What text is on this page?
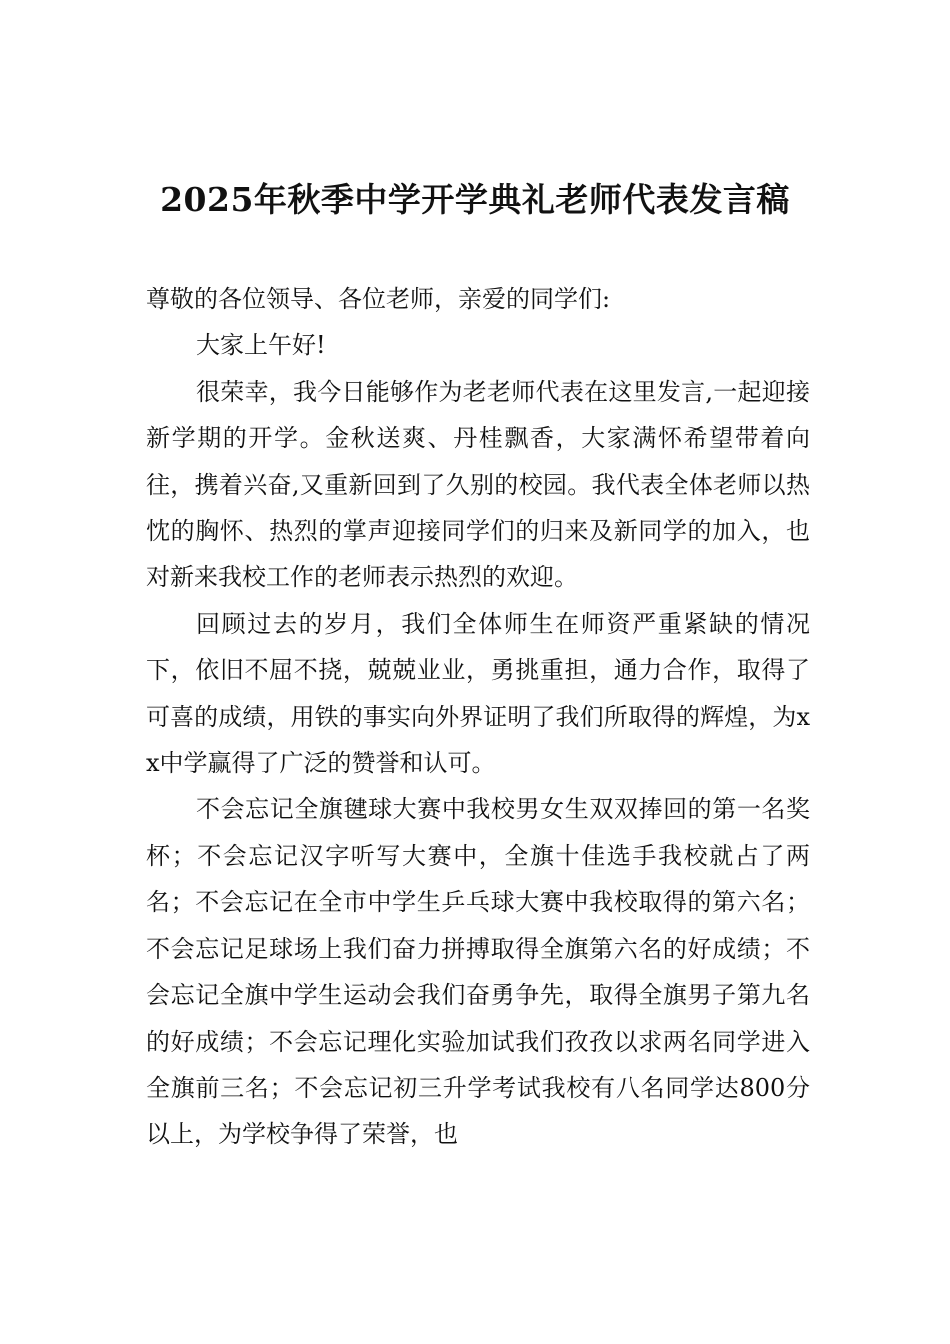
2025年秋季中学开学典礼老师代表发言稿

尊敬的各位领导、各位老师，亲爱的同学们:

大家上午好!

很荣幸，我今日能够作为老老师代表在这里发言,一起迎接新学期的开学。金秋送爽、丹桂飘香，大家满怀希望带着向往，携着兴奋,又重新回到了久别的校园。我代表全体老师以热忱的胸怀、热烈的掌声迎接同学们的归来及新同学的加入，也对新来我校工作的老师表示热烈的欢迎。

回顾过去的岁月，我们全体师生在师资严重紧缺的情况下，依旧不屈不挠，兢兢业业，勇挑重担，通力合作，取得了可喜的成绩，用铁的事实向外界证明了我们所取得的辉煌，为xx中学赢得了广泛的赞誉和认可。

不会忘记全旗毽球大赛中我校男女生双双捧回的第一名奖杯；不会忘记汉字听写大赛中，全旗十佳选手我校就占了两名；不会忘记在全市中学生乒乓球大赛中我校取得的第六名；不会忘记足球场上我们奋力拼搏取得全旗第六名的好成绩；不会忘记全旗中学生运动会我们奋勇争先，取得全旗男子第九名的好成绩；不会忘记理化实验加试我们孜孜以求两名同学进入全旗前三名；不会忘记初三升学考试我校有八名同学达800分以上，为学校争得了荣誉，也
